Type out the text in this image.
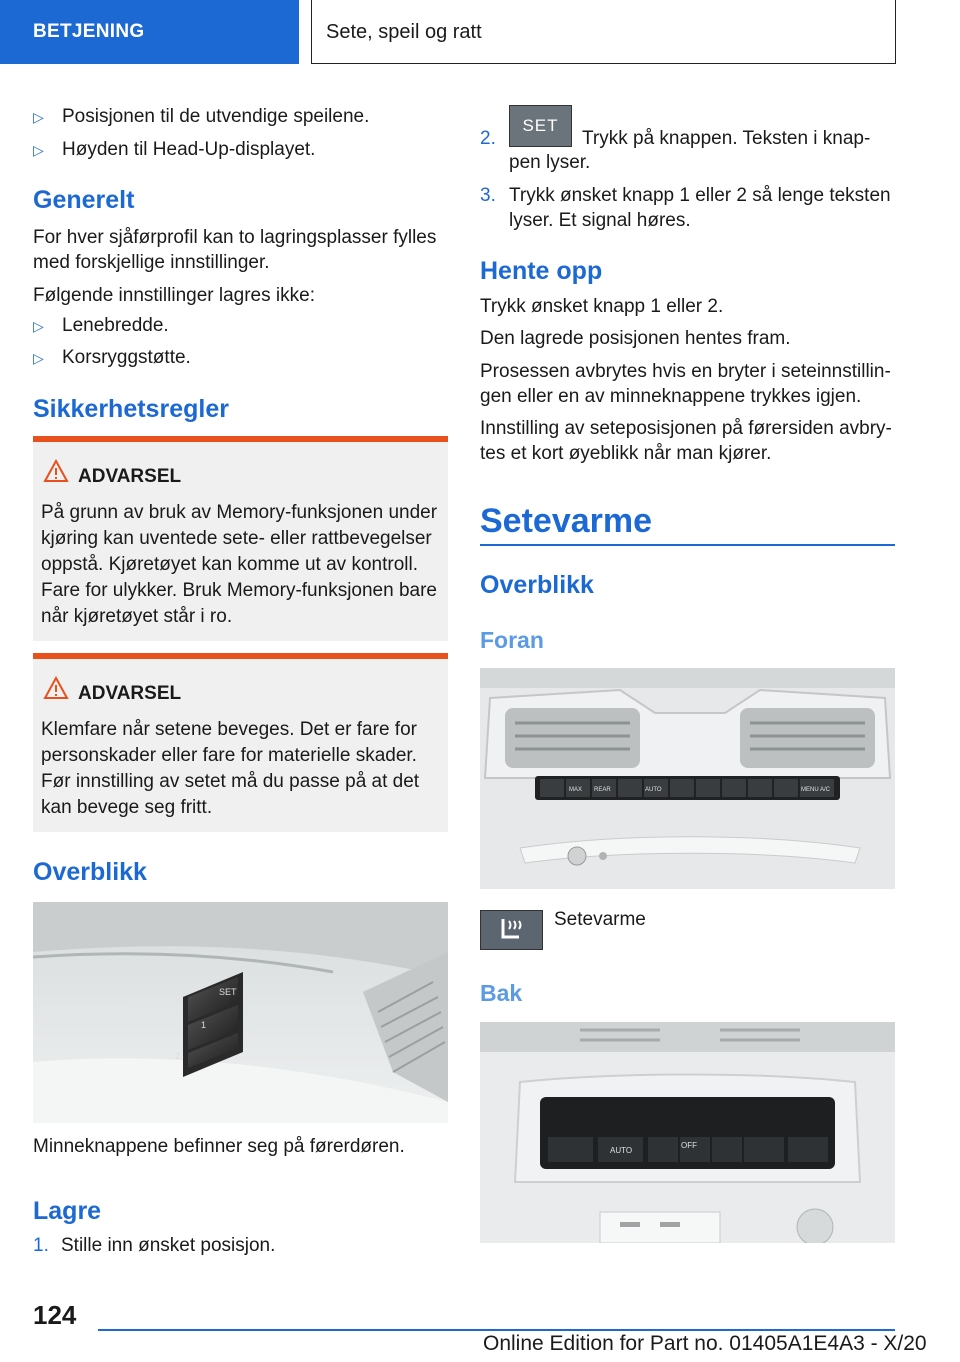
BETJENING	Sete, speil og ratt
▷ Posisjonen til de utvendige speilene.
▷ Høyden til Head-Up-displayet.
Generelt
For hver sjåførprofil kan to lagringsplasser fylles
med forskjellige innstillinger.
Følgende innstillinger lagres ikke:
▷ Lenebredde.
▷ Korsryggstøtte.
Sikkerhetsregler
ADVARSEL
På grunn av bruk av Memory-funksjonen under
kjøring kan uventede sete- eller rattbevegelser
oppstå. Kjøretøyet kan komme ut av kontroll.
Fare for ulykker. Bruk Memory-funksjonen bare
når kjøretøyet står i ro.
ADVARSEL
Klemfare når setene beveges. Det er fare for
personskader eller fare for materielle skader.
Før innstilling av setet må du passe på at det
kan bevege seg fritt.
Overblikk
SET
1
2
Minneknappene befinner seg på førerdøren.
Lagre
1. Stille inn ønsket posisjon.
2.
SET
Trykk på knappen. Teksten i knap-
pen lyser.
3. Trykk ønsket knapp 1 eller 2 så lenge teksten
lyser. Et signal høres.
Hente opp
Trykk ønsket knapp 1 eller 2.
Den lagrede posisjonen hentes fram.
Prosessen avbrytes hvis en bryter i seteinnstillin-
gen eller en av minneknappene trykkes igjen.
Innstilling av seteposisjonen på førersiden avbry-
tes et kort øyeblikk når man kjører.
Setevarme
Overblikk
Foran
MAX REAR	AUTO	MENU A/C
Setevarme
Bak
AUTO
OFF
124
Online Edition for Part no. 01405A1E4A3 - X/20
